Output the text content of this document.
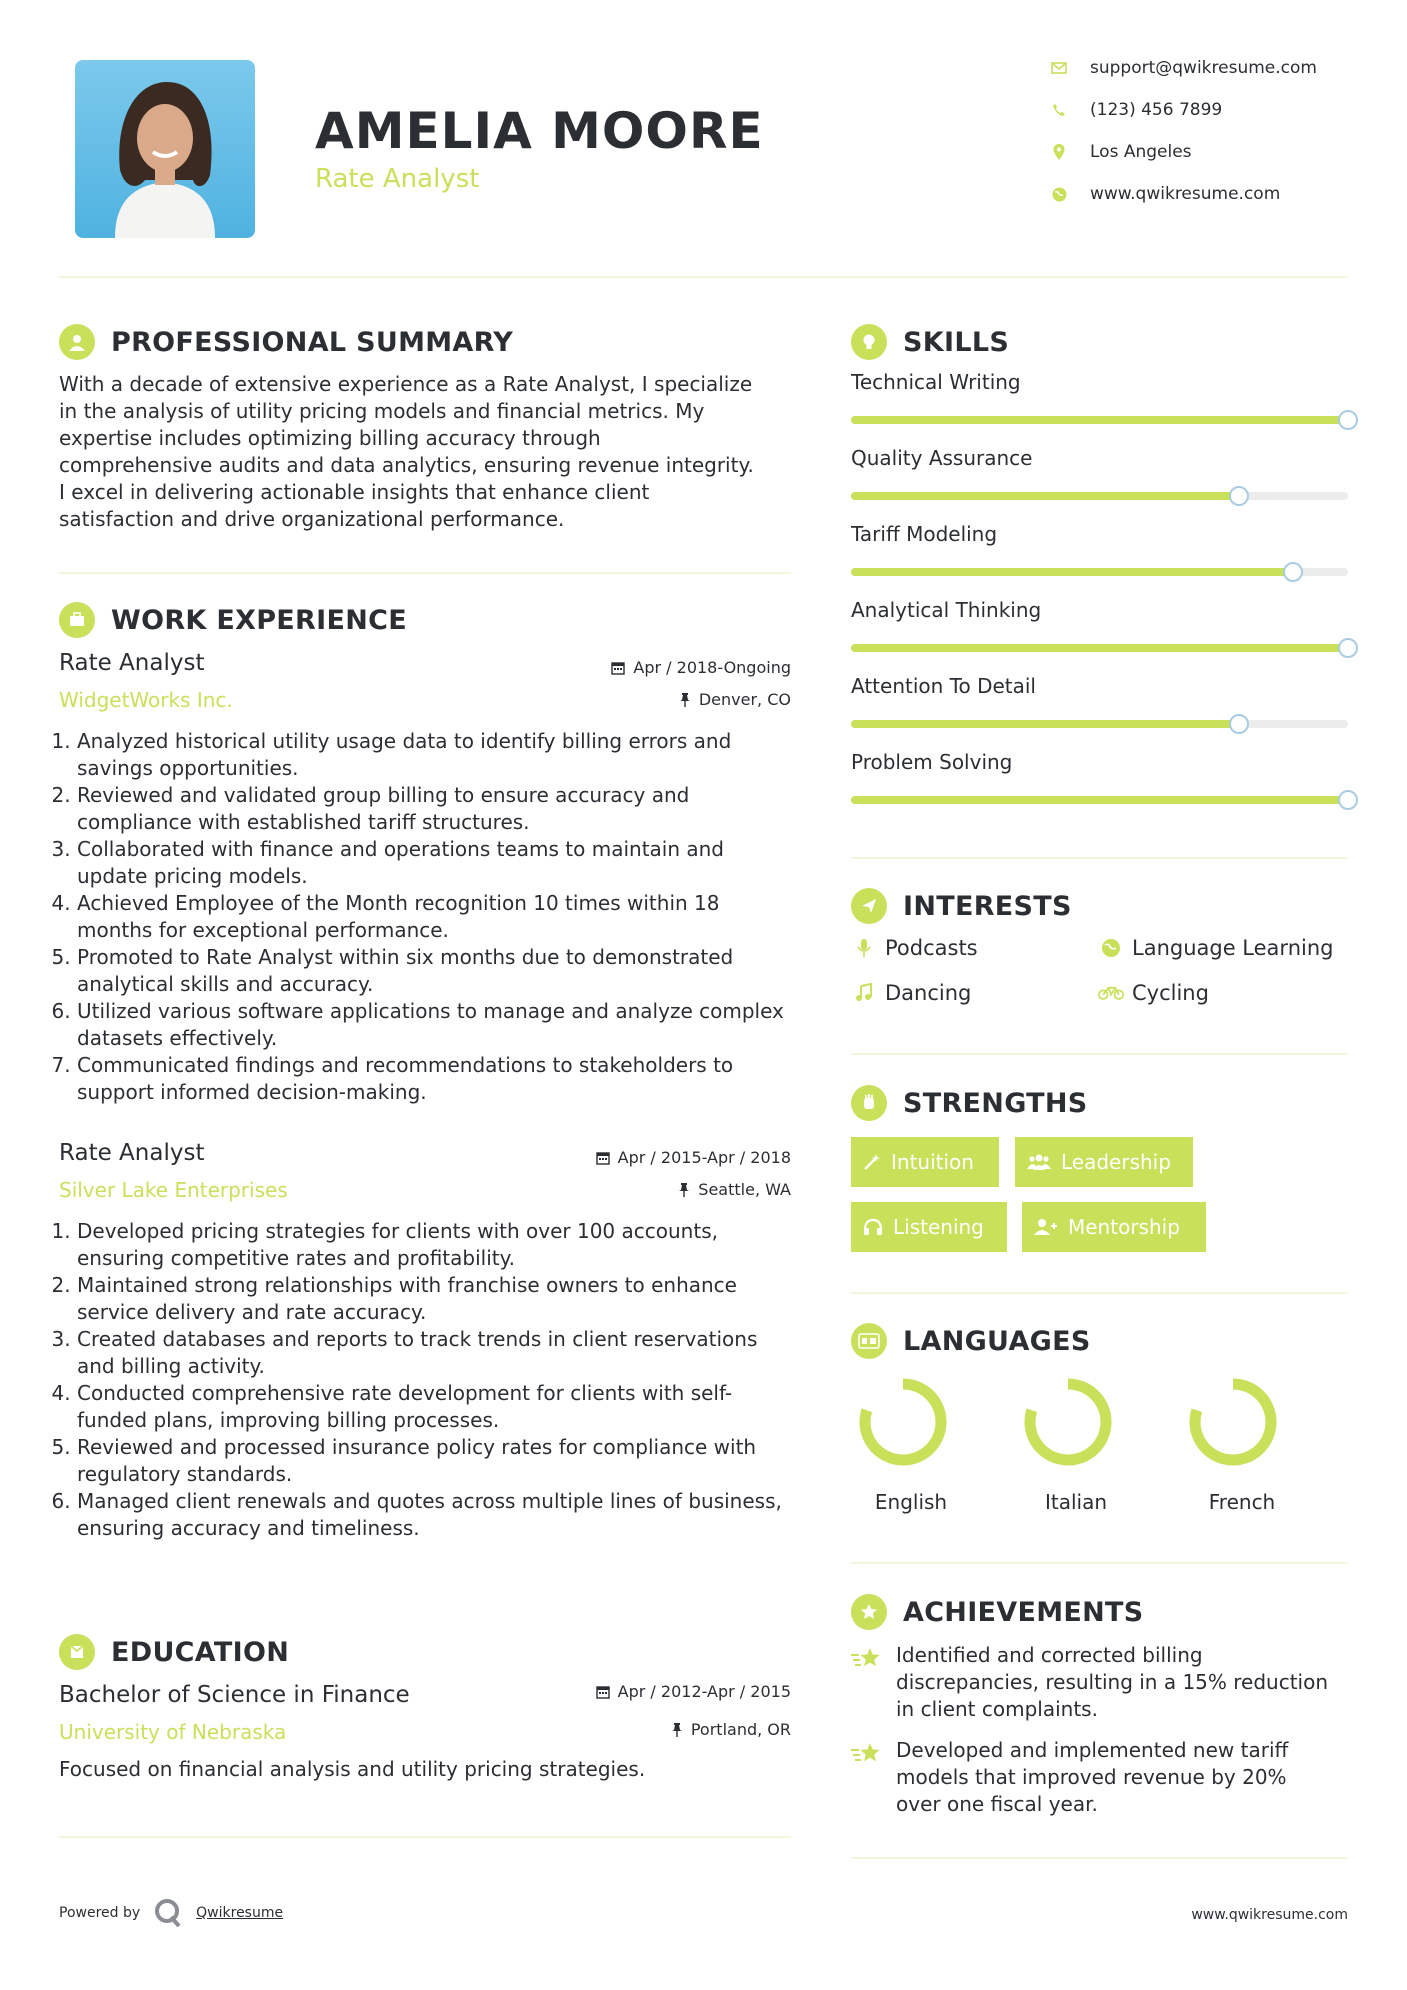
AMELIA MOORE
Rate Analyst
support@qwikresume.com
(123) 456 7899
Los Angeles
www.qwikresume.com
PROFESSIONAL SUMMARY
With a decade of extensive experience as a Rate Analyst, I specialize
in the analysis of utility pricing models and financial metrics. My
expertise includes optimizing billing accuracy through
comprehensive audits and data analytics, ensuring revenue integrity.
I excel in delivering actionable insights that enhance client
satisfaction and drive organizational performance.
WORK EXPERIENCE
Rate Analyst
WidgetWorks Inc.
Apr / 2018-Ongoing
Denver, CO
1. Analyzed historical utility usage data to identify billing errors and savings opportunities.
2. Reviewed and validated group billing to ensure accuracy and compliance with established tariff structures.
3. Collaborated with finance and operations teams to maintain and update pricing models.
4. Achieved Employee of the Month recognition 10 times within 18 months for exceptional performance.
5. Promoted to Rate Analyst within six months due to demonstrated analytical skills and accuracy.
6. Utilized various software applications to manage and analyze complex datasets effectively.
7. Communicated findings and recommendations to stakeholders to support informed decision-making.
Rate Analyst
Silver Lake Enterprises
Apr / 2015-Apr / 2018
Seattle, WA
1. Developed pricing strategies for clients with over 100 accounts, ensuring competitive rates and profitability.
2. Maintained strong relationships with franchise owners to enhance service delivery and rate accuracy.
3. Created databases and reports to track trends in client reservations and billing activity.
4. Conducted comprehensive rate development for clients with self-funded plans, improving billing processes.
5. Reviewed and processed insurance policy rates for compliance with regulatory standards.
6. Managed client renewals and quotes across multiple lines of business, ensuring accuracy and timeliness.
EDUCATION
Bachelor of Science in Finance
University of Nebraska
Apr / 2012-Apr / 2015
Portland, OR
Focused on financial analysis and utility pricing strategies.
SKILLS
Technical Writing
Quality Assurance
Tariff Modeling
Analytical Thinking
Attention To Detail
Problem Solving
INTERESTS
Podcasts	Language Learning
Dancing	Cycling
STRENGTHS
Intuition	Leadership
Listening	Mentorship
LANGUAGES
English	Italian	French
ACHIEVEMENTS
Identified and corrected billing
discrepancies, resulting in a 15% reduction
in client complaints.
Developed and implemented new tariff
models that improved revenue by 20%
over one fiscal year.
Powered by	Qwikresume	www.qwikresume.com
